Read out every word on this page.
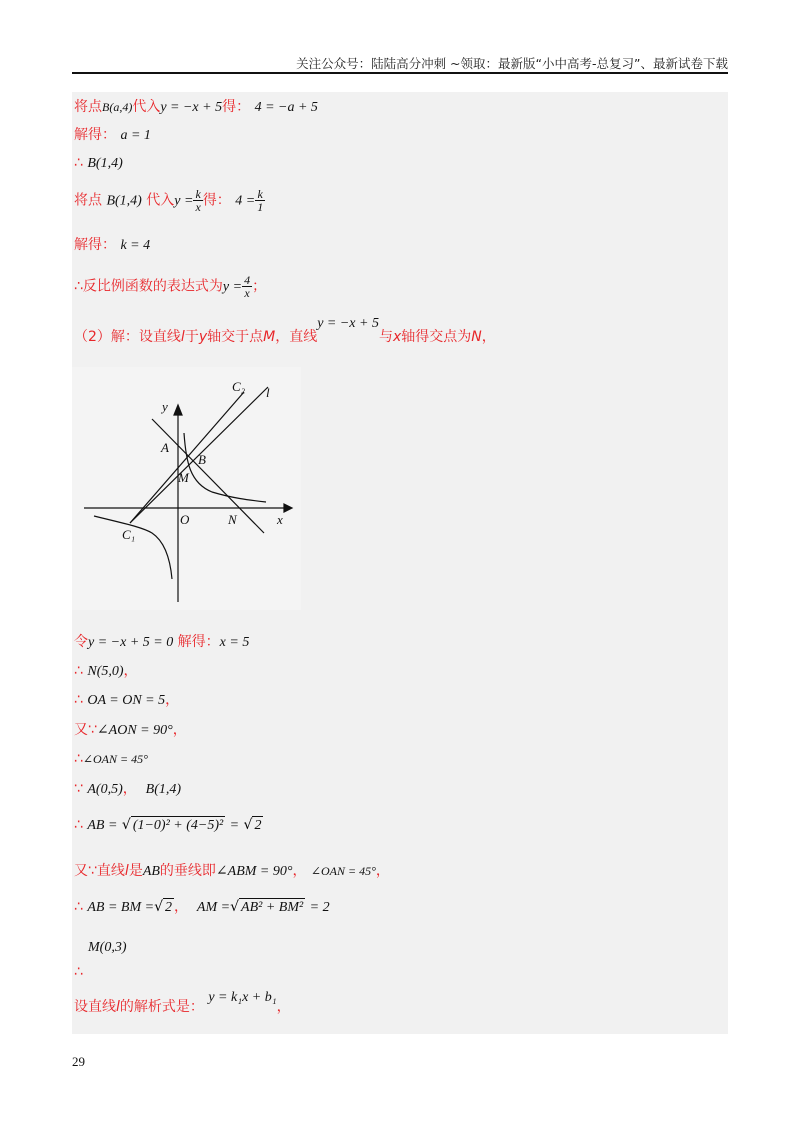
关注公众号：陆陆高分冲刺 ~领取：最新版“小中高考-总复习”、最新试卷下载
将点B(a,4)代入y = −x + 5得： 4 = −a + 5
解得： a = 1
∴ B(1,4)
将点 B(1,4) 代入$y = \frac{k}{x}$ 得： $4 = \frac{k}{1}$
解得： k = 4
∴反比例函数的表达式为$y = \frac{4}{x}$ ；
（2）解：设直线l于y轴交于点M，直线y = −x + 5与x轴得交点为N，
令y = −x + 5 = 0 解得：x = 5
∴ N(5,0)，
∴ OA = ON = 5，
又∵∠AON = 90°，
∴∠OAN = 45°
∵ A(0,5)， B(1,4)
∴ AB = √ (1−0)² + (4−5)² = √ 2
又∵直线l是AB的垂线即∠ABM = 90°， ∠OAN = 45°，
∴ AB = BM =√ 2 ， AM =√ AB² + BM² = 2
M(0,3)
∴
设直线l的解析式是： y = k₁x + b₁，
C₂ l
y
A
B
M
O	N	x
C₁
29
